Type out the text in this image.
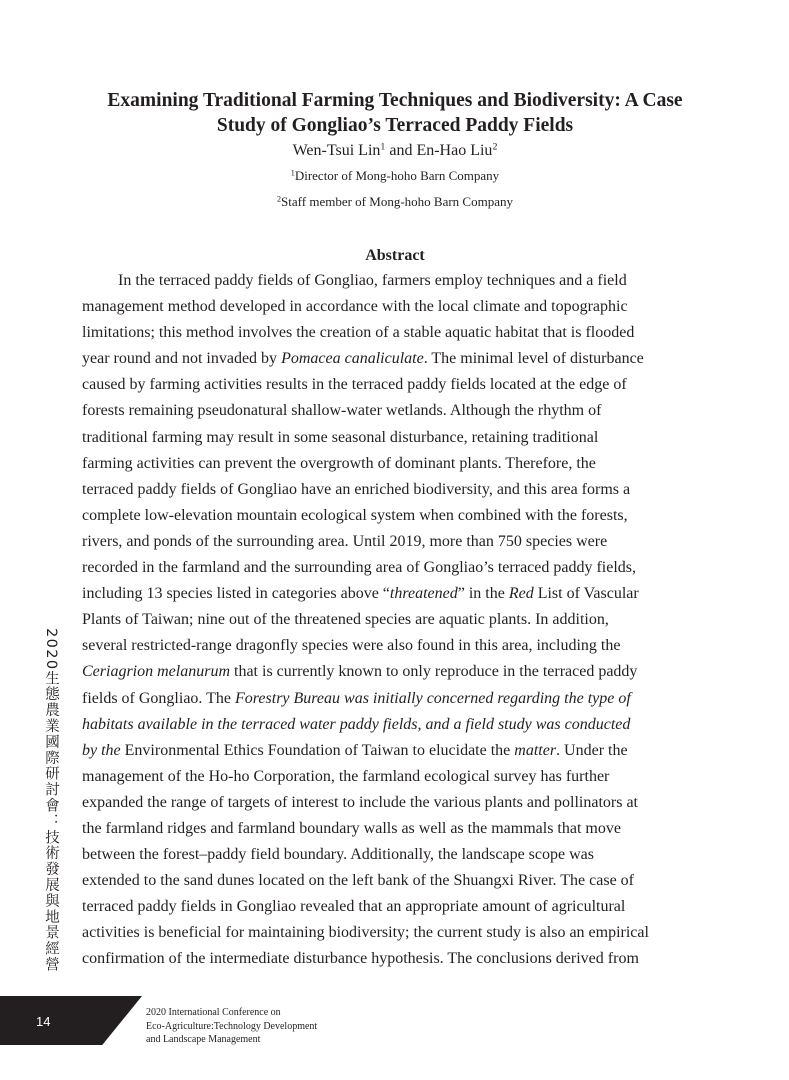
Examining Traditional Farming Techniques and Biodiversity: A Case
Study of Gongliao’s Terraced Paddy Fields
Wen-Tsui Lin$^1$ and En-Hao Liu$^2$
$^1$Director of Mong-hoho Barn Company
$^2$Staff member of Mong-hoho Barn Company
Abstract
In the terraced paddy fields of Gongliao, farmers employ techniques and a field
management method developed in accordance with the local climate and topographic
limitations; this method involves the creation of a stable aquatic habitat that is flooded
year round and not invaded by Pomacea canaliculate. The minimal level of disturbance
caused by farming activities results in the terraced paddy fields located at the edge of
forests remaining pseudonatural shallow-water wetlands. Although the rhythm of
traditional farming may result in some seasonal disturbance, retaining traditional
farming activities can prevent the overgrowth of dominant plants. Therefore, the
terraced paddy fields of Gongliao have an enriched biodiversity, and this area forms a
complete low-elevation mountain ecological system when combined with the forests,
rivers, and ponds of the surrounding area. Until 2019, more than 750 species were
recorded in the farmland and the surrounding area of Gongliao’s terraced paddy fields,
including 13 species listed in categories above “threatened” in the Red List of Vascular
Plants of Taiwan; nine out of the threatened species are aquatic plants. In addition,
several restricted-range dragonfly species were also found in this area, including the
Ceriagrion melanurum that is currently known to only reproduce in the terraced paddy
fields of Gongliao. The Forestry Bureau was initially concerned regarding the type of
habitats available in the terraced water paddy fields, and a field study was conducted
by the Environmental Ethics Foundation of Taiwan to elucidate the matter. Under the
management of the Ho-ho Corporation, the farmland ecological survey has further
expanded the range of targets of interest to include the various plants and pollinators at
the farmland ridges and farmland boundary walls as well as the mammals that move
between the forest–paddy field boundary. Additionally, the landscape scope was
extended to the sand dunes located on the left bank of the Shuangxi River. The case of
terraced paddy fields in Gongliao revealed that an appropriate amount of agricultural
activities is beneficial for maintaining biodiversity; the current study is also an empirical
confirmation of the intermediate disturbance hypothesis. The conclusions derived from
2020生態農業國際研討會：技術發展與地景經營
14
2020 International Conference on
Eco-Agriculture:Technology Development
and Landscape Management
